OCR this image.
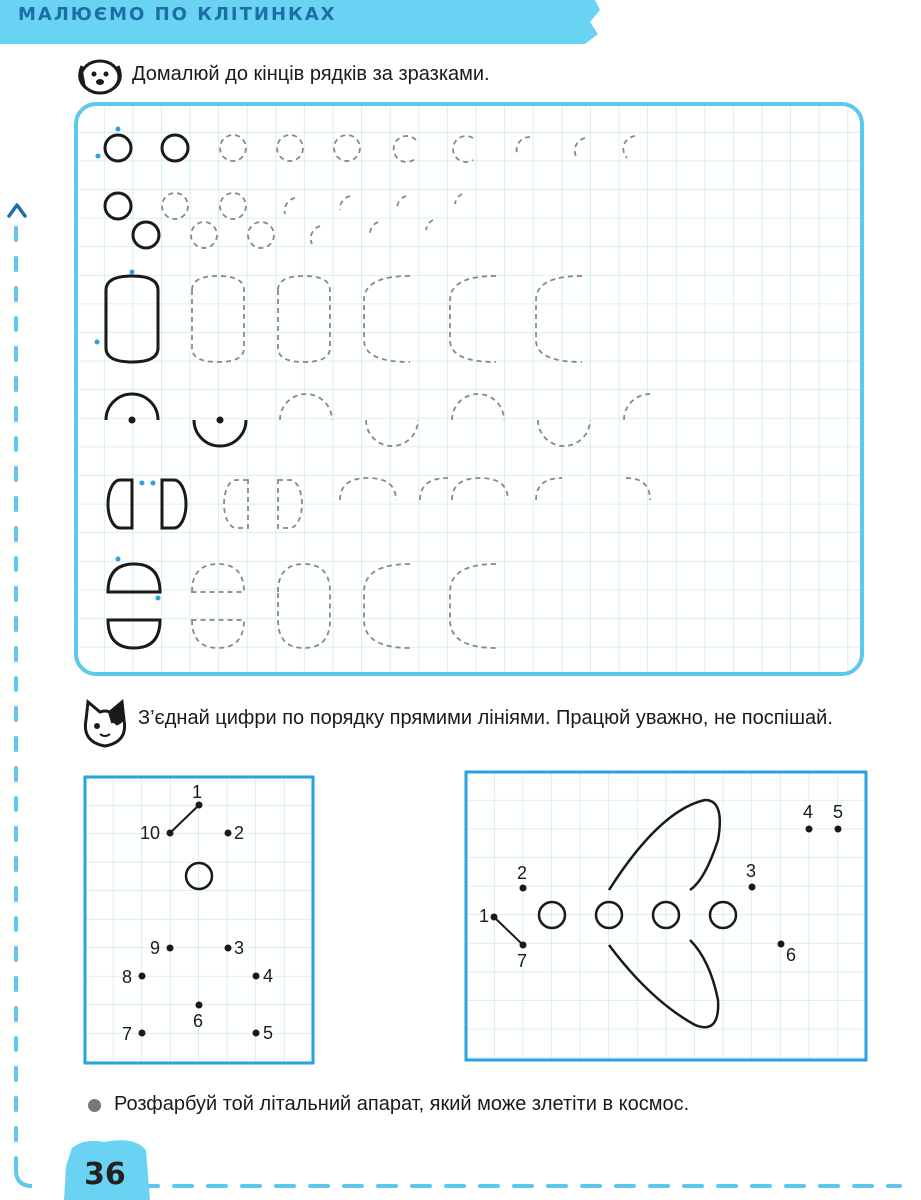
МАЛЮЄМО ПО КЛІТИНКАХ
Домалюй до кінців рядків за зразками.
З’єднай цифри по порядку прямими лініями. Працюй уважно, не поспішай.
1
2
3
4
5
6
7
8
9
10
1
2	3
4 5
6
7
Розфарбуй той літальний апарат, який може злетіти в космос.
36
